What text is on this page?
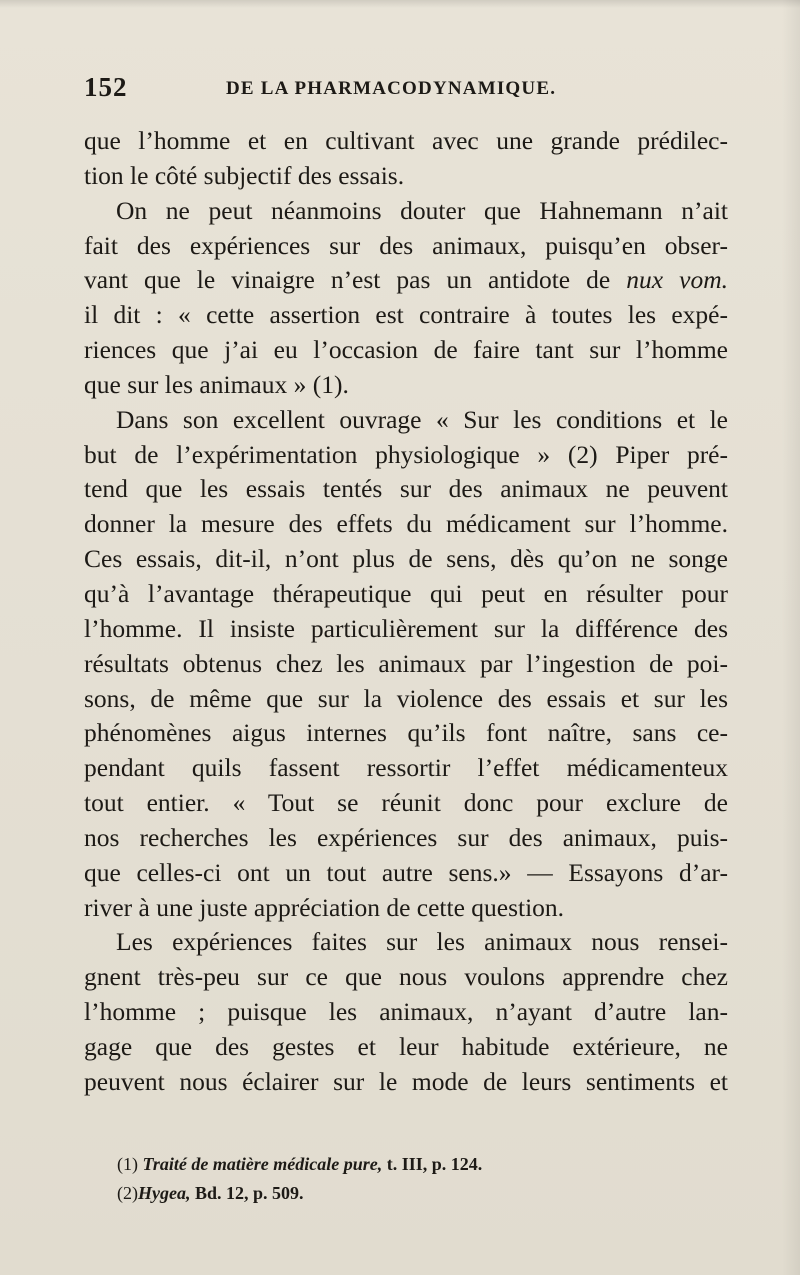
152	DE LA PHARMACODYNAMIQUE.
que l’homme et en cultivant avec une grande prédilec-
tion le côté subjectif des essais.
On ne peut néanmoins douter que Hahnemann n’ait
fait des expériences sur des animaux, puisqu’en obser-
vant que le vinaigre n’est pas un antidote de nux vom.
il dit : « cette assertion est contraire à toutes les expé-
riences que j’ai eu l’occasion de faire tant sur l’homme
que sur les animaux » (1).
Dans son excellent ouvrage « Sur les conditions et le
but de l’expérimentation physiologique » (2) Piper pré-
tend que les essais tentés sur des animaux ne peuvent
donner la mesure des effets du médicament sur l’homme.
Ces essais, dit-il, n’ont plus de sens, dès qu’on ne songe
qu’à l’avantage thérapeutique qui peut en résulter pour
l’homme. Il insiste particulièrement sur la différence des
résultats obtenus chez les animaux par l’ingestion de poi-
sons, de même que sur la violence des essais et sur les
phénomènes aigus internes qu’ils font naître, sans ce-
pendant quils fassent ressortir l’effet médicamenteux
tout entier. « Tout se réunit donc pour exclure de
nos recherches les expériences sur des animaux, puis-
que celles-ci ont un tout autre sens.» — Essayons d’ar-
river à une juste appréciation de cette question.
Les expériences faites sur les animaux nous rensei-
gnent très-peu sur ce que nous voulons apprendre chez
l’homme ; puisque les animaux, n’ayant d’autre lan-
gage que des gestes et leur habitude extérieure, ne
peuvent nous éclairer sur le mode de leurs sentiments et
(1) Traité de matière médicale pure, t. III, p. 124.
(2)Hygea, Bd. 12, p. 509.
